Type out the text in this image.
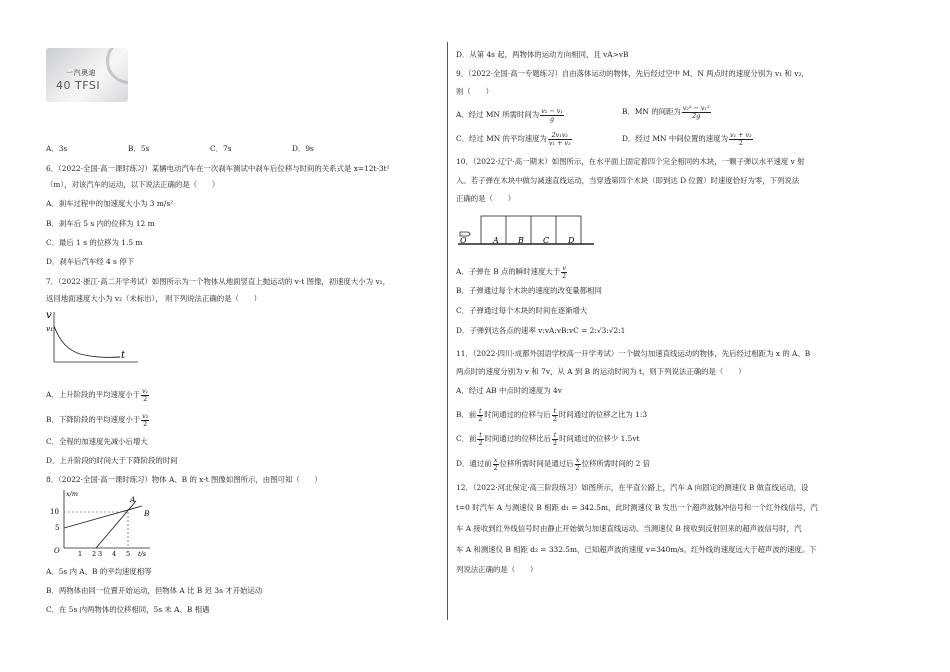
一汽奥迪
40 TFSI
A．3s	B．5s	C．7s	D．9s
6．（2022·全国·高一课时练习）某辆电动汽车在一次刹车测试中刹车后位移与时间的关系式是 x=12t-3t²
（m），对该汽车的运动，以下说法正确的是（　　）
A．刹车过程中的加速度大小为 3 m/s²
B．刹车后 5 s 内的位移为 12 m
C．最后 1 s 的位移为 1.5 m
D．刹车后汽车经 4 s 停下
7．（2022·浙江·高二开学考试）如图所示为一个物体从地面竖直上抛运动的 v-t 图像，初速度大小为 v₁，
返回地面速度大小为 v₂（未标出）， 则下列说法正确的是（　　）
v
v₁
t
A．上升阶段的平均速度小于 $\frac{\text{v₁}}{2}$
B．下降阶段的平均速度小于 $\frac{\text{v₂}}{2}$
C．全程的加速度先减小后增大
D．上升阶段的时间大于下降阶段的时间
8．（2022·全国·高一课时练习）物体 A、B 的 x-t 图像如图所示，由图可知（　　）
x/m
10
5
O	1 2 3 4 5 t/s
A
B
A．5s 内 A、B 的平均速度相等
B．两物体由同一位置开始运动，但物体 A 比 B 迟 3s 才开始运动
C．在 5s 内两物体的位移相同，5s 末 A、B 相遇
D．从第 4s 起，两物体的运动方向相同，且 vA>vB
9．（2022·全国·高一专题练习）自由落体运动的物体，先后经过空中 M、N 两点时的速度分别为 v₁ 和 v₂，
则（　　）
A．经过 MN 所需时间为 $\frac{\text{v₂ − v₁}}{g}$	B．MN 的间距为 $\frac{\text{v₂² − v₁²}}{2g}$
C．经过 MN 的平均速度为 $\frac{\text{2v₁v₂}}{\text{v₁ + v₂}}$	D．经过 MN 中间位置的速度为 $\frac{\text{v₁ + v₂}}{2}$
10．（2022·辽宁·高一期末）如图所示，在水平面上固定着四个完全相同的木块，一颗子弹以水平速度 v 射
入。若子弹在木块中做匀减速直线运动，当穿透第四个木块（即到达 D 位置）时速度恰好为零，下列说法
正确的是（　　）
O	A B C D
A．子弹在 B 点的瞬时速度大于 $\frac{v}{2}$
B．子弹通过每个木块的速度的改变量都相同
C．子弹通过每个木块的时间在逐渐增大
D．子弹到达各点的速率 v:vA:vB:vC = 2:√3:√2:1
11．（2022·四川·成都外国语学校高一开学考试）一个做匀加速直线运动的物体，先后经过相距为 x 的 A、B
两点时的速度分别为 v 和 7v，从 A 到 B 的运动时间为 t，则下列说法正确的是（　　）
A．经过 AB 中点时的速度为 4v
B．前 $\frac{t}{2}$ 时间通过的位移与后 $\frac{t}{2}$ 时间通过的位移之比为 1:3
C．前 $\frac{t}{2}$ 时间通过的位移比后 $\frac{t}{2}$ 时间通过的位移少 1.5vt
D．通过前 $\frac{x}{2}$ 位移所需时间是通过后 $\frac{x}{2}$ 位移所需时间的 2 倍
12．（2022·河北保定·高三阶段练习）如图所示，在平直公路上，汽车 A 向固定的测速仪 B 做直线运动，设
t=0 时汽车 A 与测速仪 B 相距 d₁ = 342.5m，此时测速仪 B 发出一个超声波脉冲信号和一个红外线信号，汽
车 A 接收到红外线信号时由静止开始做匀加速直线运动。当测速仪 B 接收到反射回来的超声波信号时，汽
车 A 和测速仪 B 相距 d₂ = 332.5m，已知超声波的速度 v=340m/s。红外线的速度远大于超声波的速度。下
列说法正确的是（　　）
